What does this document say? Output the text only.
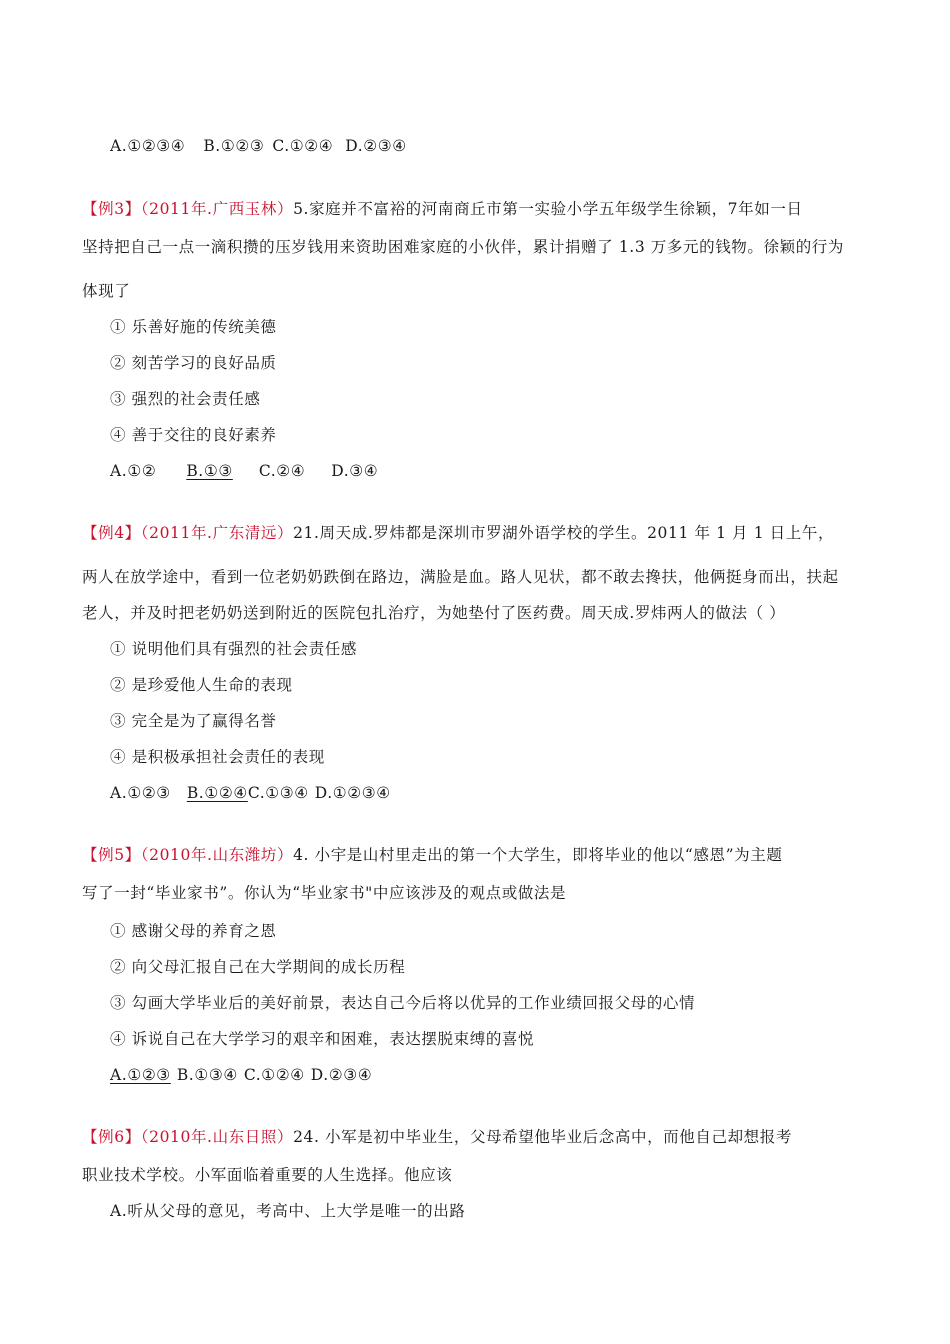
A.①②③④ B.①②③ C.①②④ D.②③④
【例3】（2011年.广西玉林）5.家庭并不富裕的河南商丘市第一实验小学五年级学生徐颖，7年如一日
坚持把自己一点一滴积攒的压岁钱用来资助困难家庭的小伙伴，累计捐赠了 1.3 万多元的钱物。徐颖的行为
体现了
① 乐善好施的传统美德
② 刻苦学习的良好品质
③ 强烈的社会责任感
④ 善于交往的良好素养
A.①② B.①③ C.②④ D.③④
【例4】（2011年.广东清远）21.周天成.罗炜都是深圳市罗湖外语学校的学生。2011 年 1 月 1 日上午，
两人在放学途中，看到一位老奶奶跌倒在路边，满脸是血。路人见状，都不敢去搀扶，他俩挺身而出，扶起
老人，并及时把老奶奶送到附近的医院包扎治疗，为她垫付了医药费。周天成.罗炜两人的做法（ ）
① 说明他们具有强烈的社会责任感
② 是珍爱他人生命的表现
③ 完全是为了赢得名誉
④ 是积极承担社会责任的表现
A.①②③ B.①②④C.①③④ D.①②③④
【例5】（2010年.山东潍坊）4. 小宇是山村里走出的第一个大学生，即将毕业的他以“感恩”为主题
写了一封“毕业家书”。你认为“毕业家书"中应该涉及的观点或做法是
① 感谢父母的养育之恩
② 向父母汇报自己在大学期间的成长历程
③ 勾画大学毕业后的美好前景，表达自己今后将以优异的工作业绩回报父母的心情
④ 诉说自己在大学学习的艰辛和困难，表达摆脱束缚的喜悦
A.①②③ B.①③④ C.①②④ D.②③④
【例6】（2010年.山东日照）24. 小军是初中毕业生，父母希望他毕业后念高中，而他自己却想报考
职业技术学校。小军面临着重要的人生选择。他应该
A.听从父母的意见，考高中、上大学是唯一的出路
